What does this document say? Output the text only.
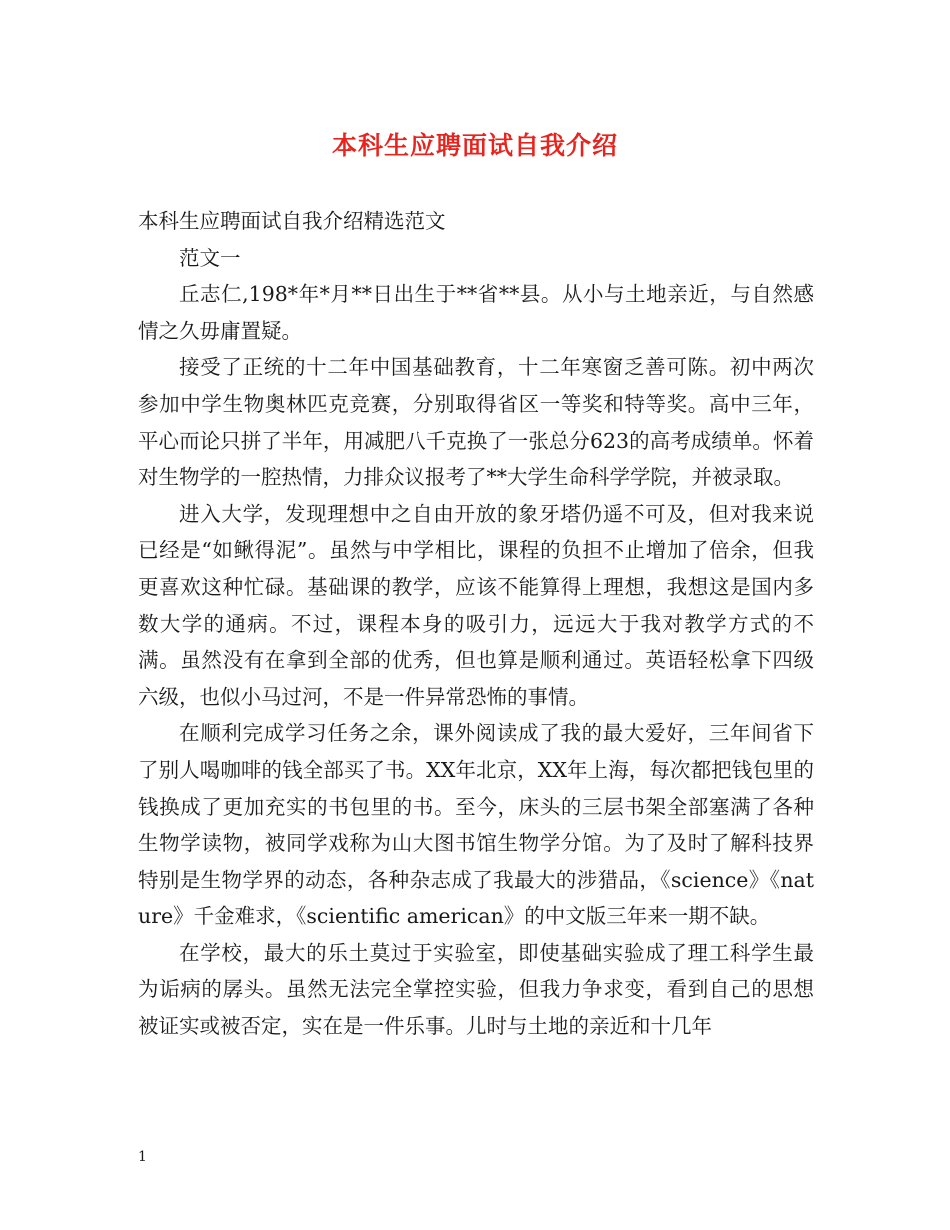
本科生应聘面试自我介绍

本科生应聘面试自我介绍精选范文

范文一

丘志仁,198*年*月**日出生于**省**县。从小与土地亲近，与自然感情之久毋庸置疑。

接受了正统的十二年中国基础教育，十二年寒窗乏善可陈。初中两次参加中学生物奥林匹克竞赛，分别取得省区一等奖和特等奖。高中三年，平心而论只拼了半年，用减肥八千克换了一张总分623的高考成绩单。怀着对生物学的一腔热情，力排众议报考了**大学生命科学学院，并被录取。

进入大学，发现理想中之自由开放的象牙塔仍遥不可及，但对我来说已经是“如鳅得泥”。虽然与中学相比，课程的负担不止增加了倍余，但我更喜欢这种忙碌。基础课的教学，应该不能算得上理想，我想这是国内多数大学的通病。不过，课程本身的吸引力，远远大于我对教学方式的不满。虽然没有在拿到全部的优秀，但也算是顺利通过。英语轻松拿下四级六级，也似小马过河，不是一件异常恐怖的事情。

在顺利完成学习任务之余，课外阅读成了我的最大爱好，三年间省下了别人喝咖啡的钱全部买了书。XX年北京，XX年上海，每次都把钱包里的钱换成了更加充实的书包里的书。至今，床头的三层书架全部塞满了各种生物学读物，被同学戏称为山大图书馆生物学分馆。为了及时了解科技界特别是生物学界的动态，各种杂志成了我最大的涉猎品，《science》《nature》千金难求，《scientific american》的中文版三年来一期不缺。

在学校，最大的乐土莫过于实验室，即使基础实验成了理工科学生最为诟病的孱头。虽然无法完全掌控实验，但我力争求变，看到自己的思想被证实或被否定，实在是一件乐事。儿时与土地的亲近和十几年

1
